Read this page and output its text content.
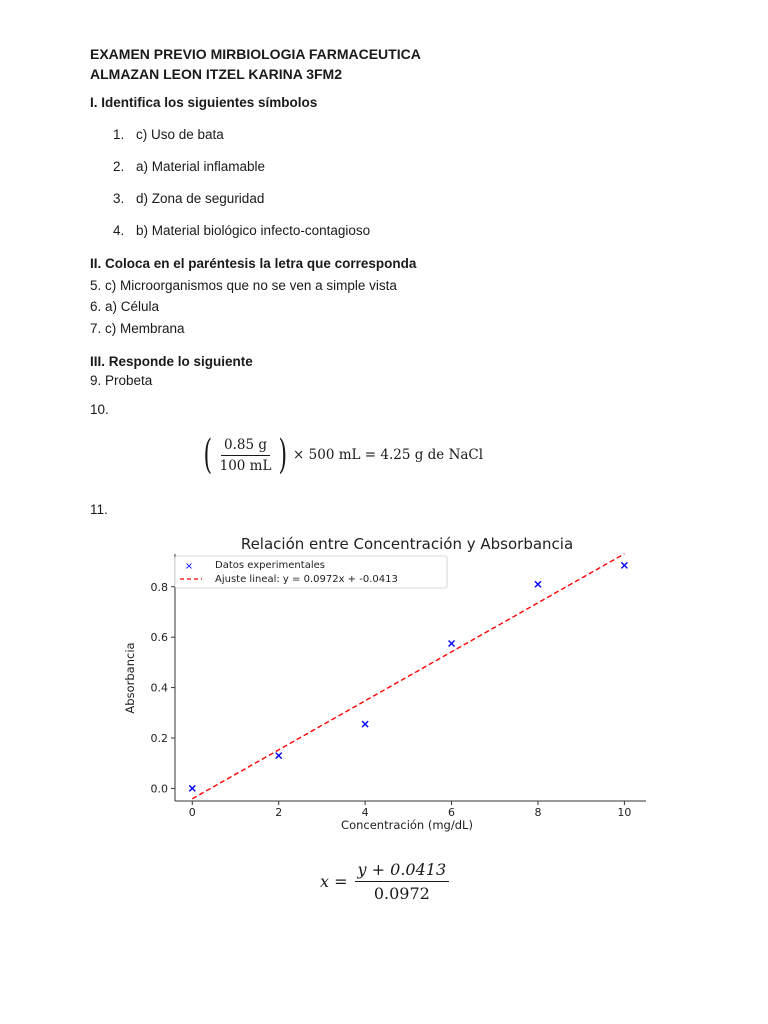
EXAMEN PREVIO MIRBIOLOGIA FARMACEUTICA
ALMAZAN LEON ITZEL KARINA 3FM2
I. Identifica los siguientes símbolos
1. c) Uso de bata
2. a) Material inflamable
3. d) Zona de seguridad
4. b) Material biológico infecto-contagioso
II. Coloca en el paréntesis la letra que corresponda
5. c) Microorganismos que no se ven a simple vista
6. a) Célula
7. c) Membrana
III. Responde lo siguiente
9. Probeta
10.
( $\frac{0.85 g}{100 mL}$ ) × 500 mL = 4.25 g de NaCl
11.
Relación entre Concentración y Absorbancia
0	2	4	6	8	10
0.0
0.2
0.4
0.6
0.8
Concentración (mg/dL)
Absorbancia
× Datos experimentales
Ajuste lineal: y = 0.0972x + -0.0413
$x = \frac{y + 0.0413}{0.0972}$
